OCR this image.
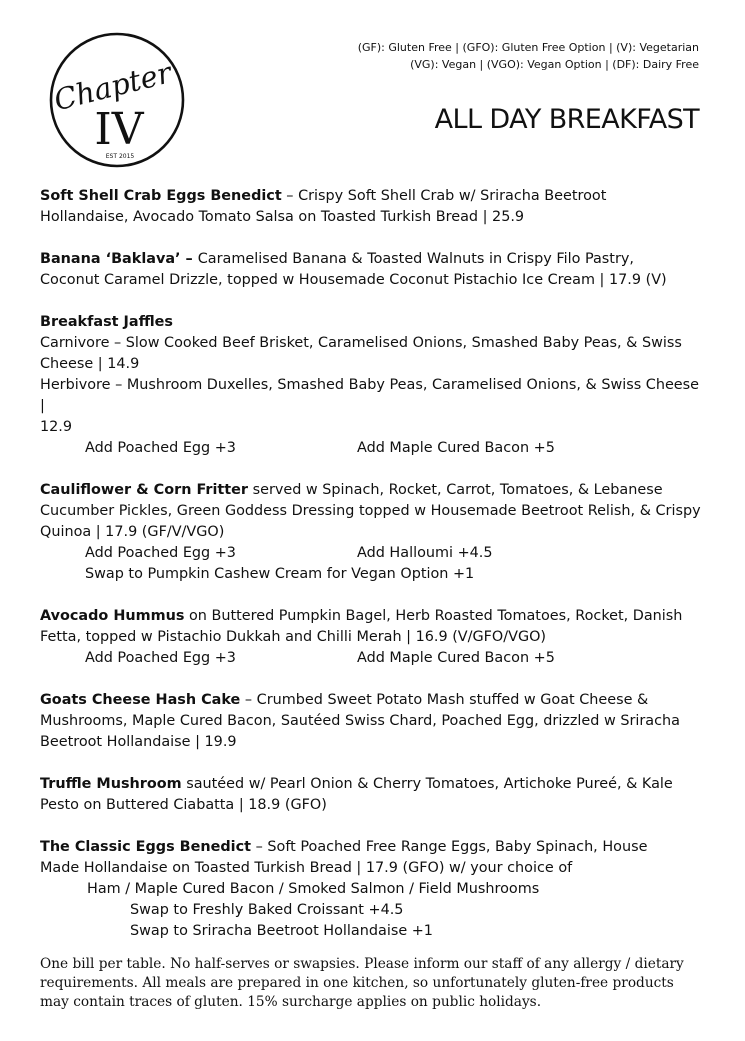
Chapter
IV
EST 2015
(GF): Gluten Free | (GFO): Gluten Free Option | (V): Vegetarian
(VG): Vegan | (VGO): Vegan Option | (DF): Dairy Free
ALL DAY BREAKFAST

Soft Shell Crab Eggs Benedict – Crispy Soft Shell Crab w/ Sriracha Beetroot

Hollandaise, Avocado Tomato Salsa on Toasted Turkish Bread | 25.9

Banana ‘Baklava’ – Caramelised Banana & Toasted Walnuts in Crispy Filo Pastry,

Coconut Caramel Drizzle, topped w Housemade Coconut Pistachio Ice Cream | 17.9 (V)

Breakfast Jaffles

Carnivore – Slow Cooked Beef Brisket, Caramelised Onions, Smashed Baby Peas, & Swiss

Cheese | 14.9

Herbivore – Mushroom Duxelles, Smashed Baby Peas, Caramelised Onions, & Swiss Cheese |

12.9

Add Poached Egg +3	Add Maple Cured Bacon +5

Cauliflower & Corn Fritter served w Spinach, Rocket, Carrot, Tomatoes, & Lebanese

Cucumber Pickles, Green Goddess Dressing topped w Housemade Beetroot Relish, & Crispy

Quinoa | 17.9 (GF/V/VGO)

Add Poached Egg +3	Add Halloumi +4.5

Swap to Pumpkin Cashew Cream for Vegan Option +1

Avocado Hummus on Buttered Pumpkin Bagel, Herb Roasted Tomatoes, Rocket, Danish

Fetta, topped w Pistachio Dukkah and Chilli Merah | 16.9 (V/GFO/VGO)

Add Poached Egg +3	Add Maple Cured Bacon +5

Goats Cheese Hash Cake – Crumbed Sweet Potato Mash stuffed w Goat Cheese &

Mushrooms, Maple Cured Bacon, Sautéed Swiss Chard, Poached Egg, drizzled w Sriracha

Beetroot Hollandaise | 19.9

Truffle Mushroom sautéed w/ Pearl Onion & Cherry Tomatoes, Artichoke Pureé, & Kale

Pesto on Buttered Ciabatta | 18.9 (GFO)

The Classic Eggs Benedict – Soft Poached Free Range Eggs, Baby Spinach, House

Made Hollandaise on Toasted Turkish Bread | 17.9 (GFO) w/ your choice of

Ham / Maple Cured Bacon / Smoked Salmon / Field Mushrooms

Swap to Freshly Baked Croissant +4.5

Swap to Sriracha Beetroot Hollandaise +1

One bill per table. No half-serves or swapsies. Please inform our staff of any allergy / dietary requirements. All meals are prepared in one kitchen, so unfortunately gluten-free products may contain traces of gluten. 15% surcharge applies on public holidays.
